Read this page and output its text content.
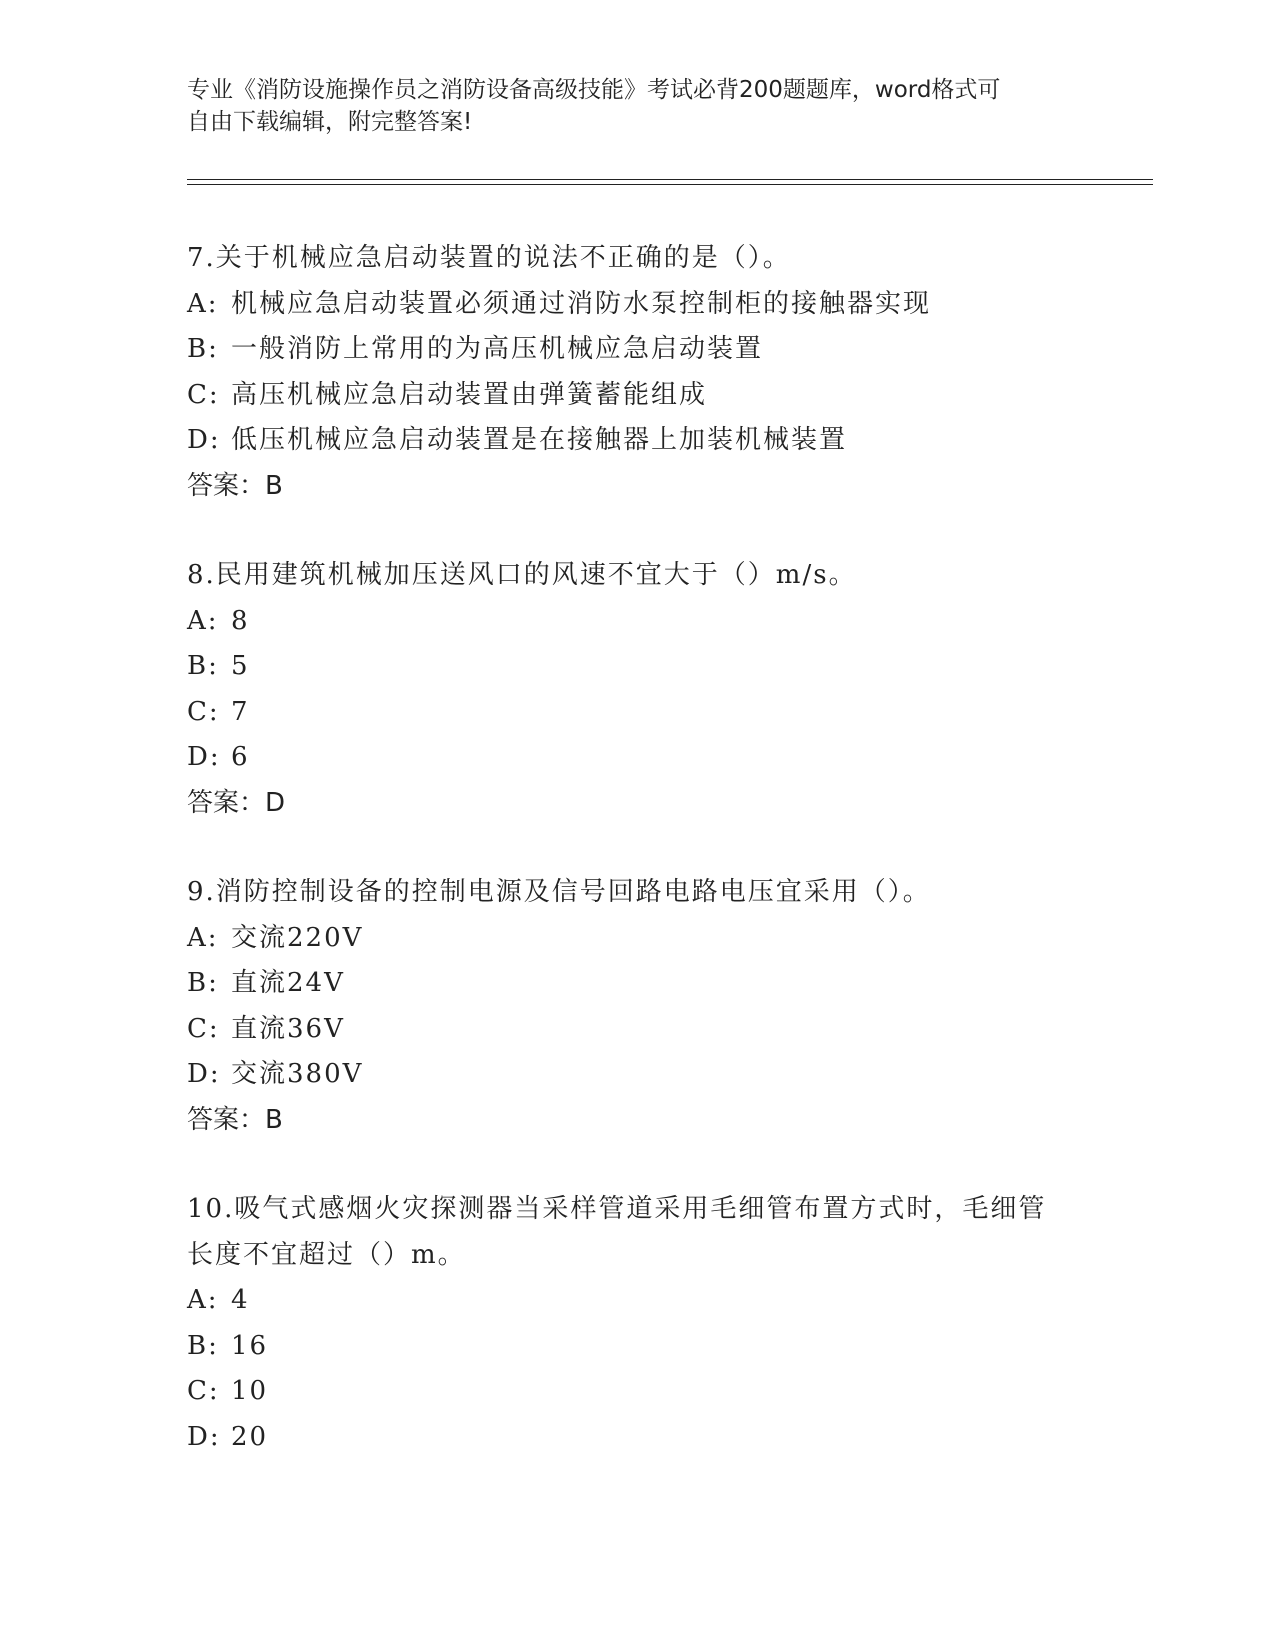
专业《消防设施操作员之消防设备高级技能》考试必背200题题库，word格式可
自由下载编辑，附完整答案!
7.关于机械应急启动装置的说法不正确的是（）。
A: 机械应急启动装置必须通过消防水泵控制柜的接触器实现
B: 一般消防上常用的为高压机械应急启动装置
C: 高压机械应急启动装置由弹簧蓄能组成
D: 低压机械应急启动装置是在接触器上加装机械装置
答案：B
8.民用建筑机械加压送风口的风速不宜大于（）m/s。
A: 8
B: 5
C: 7
D: 6
答案：D
9.消防控制设备的控制电源及信号回路电路电压宜采用（）。
A: 交流220V
B: 直流24V
C: 直流36V
D: 交流380V
答案：B
10.吸气式感烟火灾探测器当采样管道采用毛细管布置方式时，毛细管
长度不宜超过（）m。
A: 4
B: 16
C: 10
D: 20
